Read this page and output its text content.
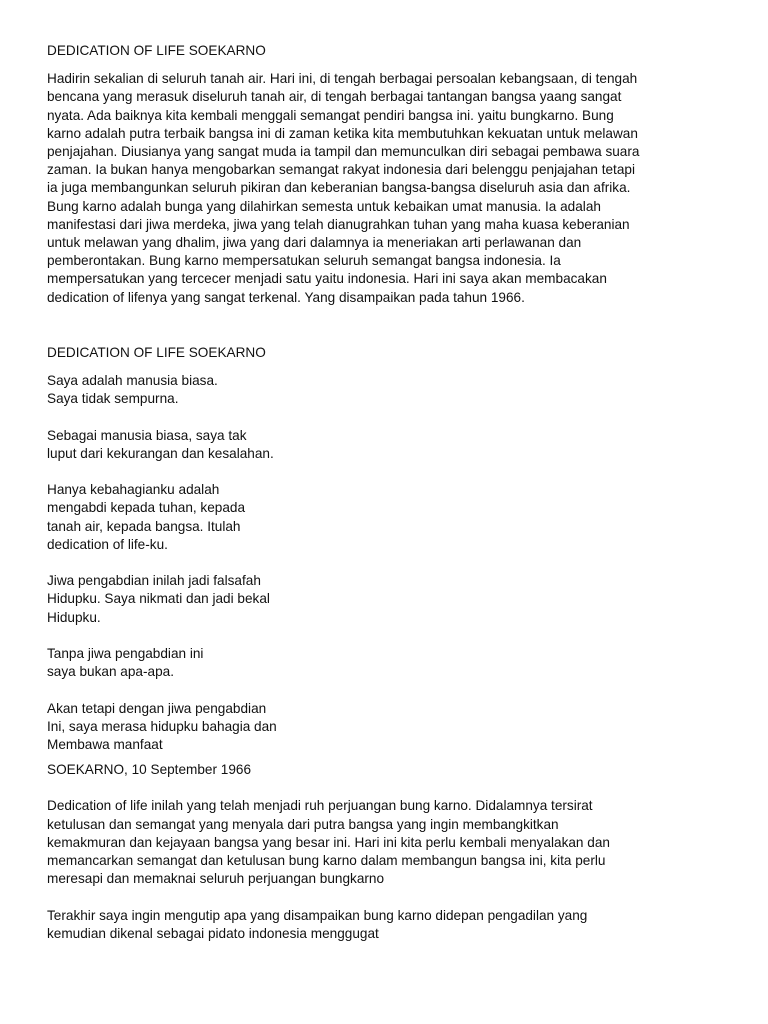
DEDICATION OF LIFE SOEKARNO

Hadirin sekalian di seluruh tanah air. Hari ini, di tengah berbagai persoalan kebangsaan, di tengah
bencana yang merasuk diseluruh tanah air, di tengah berbagai tantangan bangsa yaang sangat
nyata. Ada baiknya kita kembali menggali semangat pendiri bangsa ini. yaitu bungkarno. Bung
karno adalah putra terbaik bangsa ini di zaman ketika kita membutuhkan kekuatan untuk melawan
penjajahan. Diusianya yang sangat muda ia tampil dan memunculkan diri sebagai pembawa suara
zaman. Ia bukan hanya mengobarkan semangat rakyat indonesia dari belenggu penjajahan tetapi
ia juga membangunkan seluruh pikiran dan keberanian bangsa-bangsa diseluruh asia dan afrika.
Bung karno adalah bunga yang dilahirkan semesta untuk kebaikan umat manusia. Ia adalah
manifestasi dari jiwa merdeka, jiwa yang telah dianugrahkan tuhan yang maha kuasa keberanian
untuk melawan yang dhalim, jiwa yang dari dalamnya ia meneriakan arti perlawanan dan
pemberontakan. Bung karno mempersatukan seluruh semangat bangsa indonesia. Ia
mempersatukan yang tercecer menjadi satu yaitu indonesia. Hari ini saya akan membacakan
dedication of lifenya yang sangat terkenal. Yang disampaikan pada tahun 1966.

DEDICATION OF LIFE SOEKARNO
Saya adalah manusia biasa.
Saya tidak sempurna.
Sebagai manusia biasa, saya tak
luput dari kekurangan dan kesalahan.
Hanya kebahagianku adalah
mengabdi kepada tuhan, kepada
tanah air, kepada bangsa. Itulah
dedication of life-ku.
Jiwa pengabdian inilah jadi falsafah
Hidupku. Saya nikmati dan jadi bekal
Hidupku.
Tanpa jiwa pengabdian ini
saya bukan apa-apa.
Akan tetapi dengan jiwa pengabdian
Ini, saya merasa hidupku bahagia dan
Membawa manfaat

SOEKARNO, 10 September 1966

Dedication of life inilah yang telah menjadi ruh perjuangan bung karno. Didalamnya tersirat
ketulusan dan semangat yang menyala dari putra bangsa yang ingin membangkitkan
kemakmuran dan kejayaan bangsa yang besar ini. Hari ini kita perlu kembali menyalakan dan
memancarkan semangat dan ketulusan bung karno dalam membangun bangsa ini, kita perlu
meresapi dan memaknai seluruh perjuangan bungkarno

Terakhir saya ingin mengutip apa yang disampaikan bung karno didepan pengadilan yang
kemudian dikenal sebagai pidato indonesia menggugat
